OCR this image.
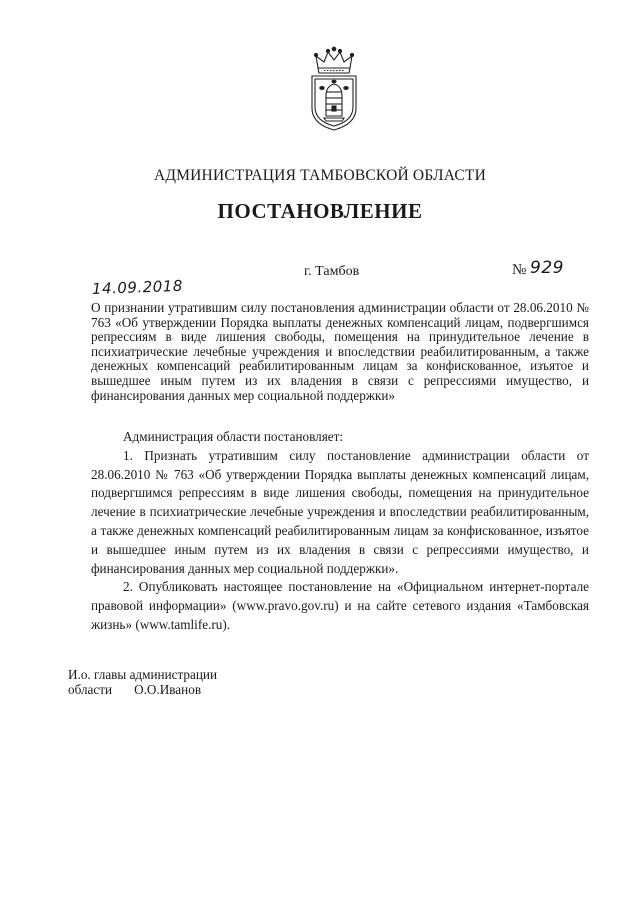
АДМИНИСТРАЦИЯ ТАМБОВСКОЙ ОБЛАСТИ
ПОСТАНОВЛЕНИЕ
г. Тамбов	№ 929
14.09.2018
О признании утратившим силу постановления администрации области от 28.06.2010 № 763 «Об утверждении Порядка выплаты денежных компенсаций лицам, подвергшимся репрессиям в виде лишения свободы, помещения на принудительное лечение в психиатрические лечебные учреждения и впоследствии реабилитированным, а также денежных компенсаций реабилитированным лицам за конфискованное, изъятое и вышедшее иным путем из их владения в связи с репрессиями имущество, и финансирования данных мер социальной поддержки»

Администрация области постановляет:

1. Признать утратившим силу постановление администрации области от 28.06.2010 № 763 «Об утверждении Порядка выплаты денежных компенсаций лицам, подвергшимся репрессиям в виде лишения свободы, помещения на принудительное лечение в психиатрические лечебные учреждения и впоследствии реабилитированным, а также денежных компенсаций реабилитированным лицам за конфискованное, изъятое и вышедшее иным путем из их владения в связи с репрессиями имущество, и финансирования данных мер социальной поддержки».

2. Опубликовать настоящее постановление на «Официальном интернет-портале правовой информации» (www.pravo.gov.ru) и на сайте сетевого издания «Тамбовская жизнь» (www.tamlife.ru).

И.о. главы администрации
области О.О.Иванов
